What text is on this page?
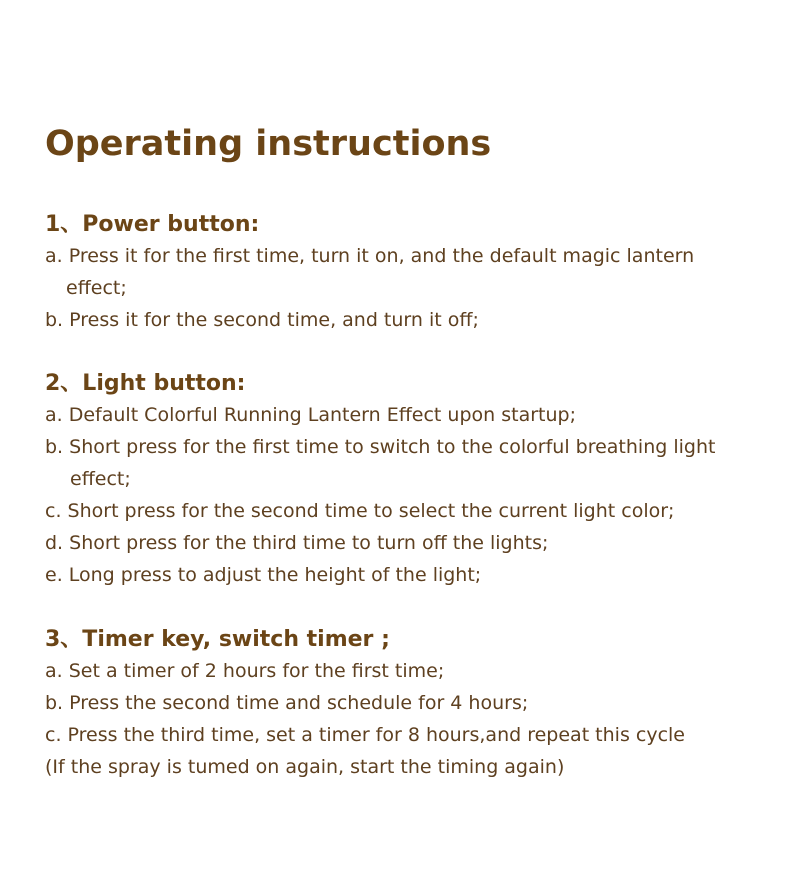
Operating instructions
1、Power button:

a. Press it for the first time, turn it on, and the default magic lantern

effect;

b. Press it for the second time, and turn it off;

2、Light button:

a. Default Colorful Running Lantern Effect upon startup;

b. Short press for the first time to switch to the colorful breathing light

effect;

c. Short press for the second time to select the current light color;

d. Short press for the third time to turn off the lights;

e. Long press to adjust the height of the light;

3、Timer key, switch timer ;

a. Set a timer of 2 hours for the first time;

b. Press the second time and schedule for 4 hours;

c. Press the third time, set a timer for 8 hours,and repeat this cycle

(If the spray is tumed on again, start the timing again)
